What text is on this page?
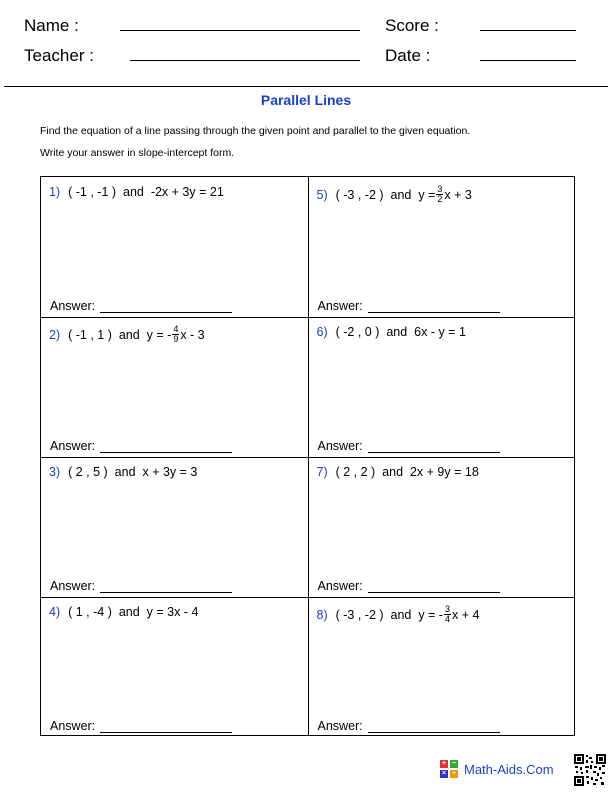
Name :	Score :
Teacher :	Date :
Parallel Lines
Find the equation of a line passing through the given point and parallel to the given equation.
Write your answer in slope-intercept form.
1) ( -1 , -1 ) and -2x + 3y = 21
Answer:
2) ( -1 , 1 ) and y = - $\frac{4}{9}$ x - 3
Answer:
3) ( 2 , 5 ) and x + 3y = 3
Answer:
4) ( 1 , -4 ) and y = 3x - 4
Answer:
5) ( -3 , -2 ) and $y = \frac{3}{2}$ x + 3
Answer:
6) ( -2 , 0 ) and 6x - y = 1
Answer:
7) ( 2 , 2 ) and 2x + 9y = 18
Answer:
8) ( -3 , -2 ) and y = - $\frac{3}{4}$ x + 4
Answer:
+ −
× ÷ Math-Aids.Com
